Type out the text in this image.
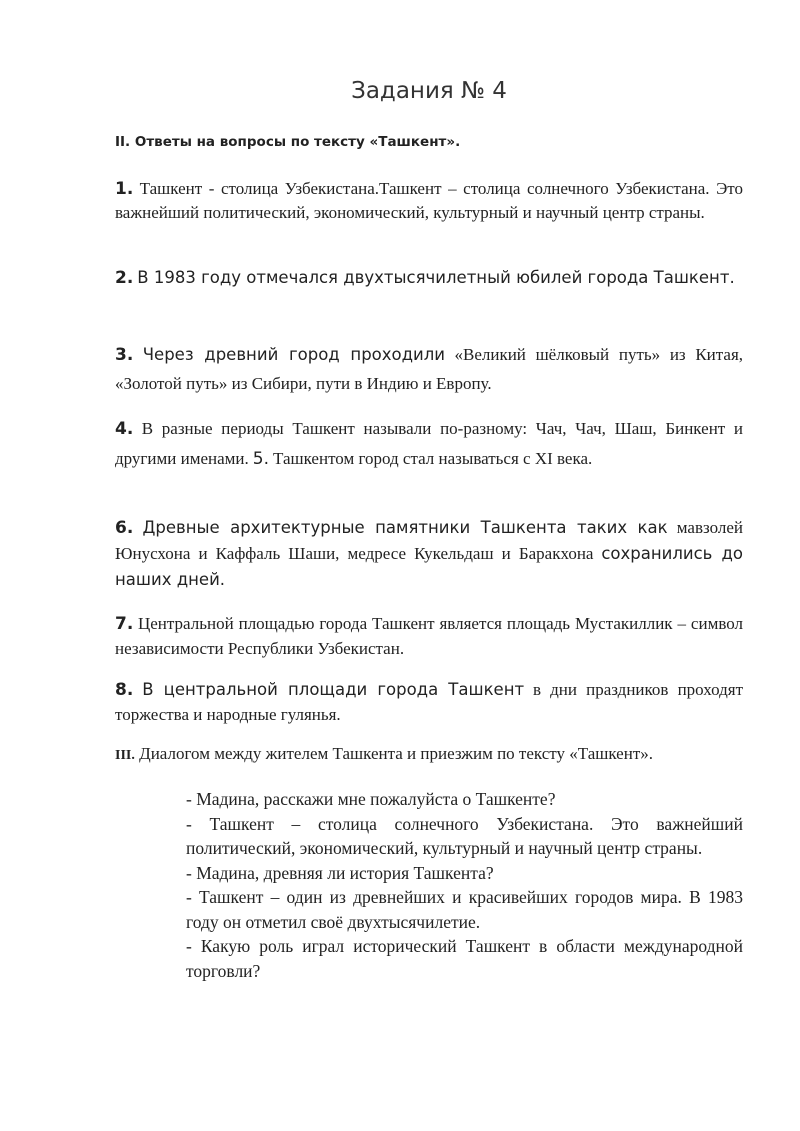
Задания № 4
II. Ответы на вопросы по тексту «Ташкент».
1. Ташкент - столица Узбекистана.Ташкент – столица солнечного Узбекистана. Это важнейший политический, экономический, культурный и научный центр страны.
2. В 1983 году отмечался двухтысячилетный юбилей города Ташкент.
3. Через древний город проходили «Великий шёлковый путь» из Китая, «Золотой путь» из Сибири, пути в Индию и Европу.
4. В разные периоды Ташкент называли по-разному: Чач, Чач, Шаш, Бинкент и другими именами. 5. Ташкентом город стал называться с XI века.
6. Древные архитектурные памятники Ташкента таких как мавзолей Юнусхона и Каффаль Шаши, медресе Кукельдаш и Баракхона сохранились до наших дней.
7. Центральной площадью города Ташкент является площадь Мустакиллик – символ независимости Республики Узбекистан.
8. В центральной площади города Ташкент в дни праздников проходят торжества и народные гулянья.
III. Диалогом между жителем Ташкента и приезжим по тексту «Ташкент».
- Мадина, расскажи мне пожалуйста о Ташкенте?
- Ташкент – столица солнечного Узбекистана. Это важнейший политический, экономический, культурный и научный центр страны.
- Мадина, древняя ли история Ташкента?
- Ташкент – один из древнейших и красивейших городов мира. В 1983 году он отметил своё двухтысячилетие.
- Какую роль играл исторический Ташкент в области международной торговли?
